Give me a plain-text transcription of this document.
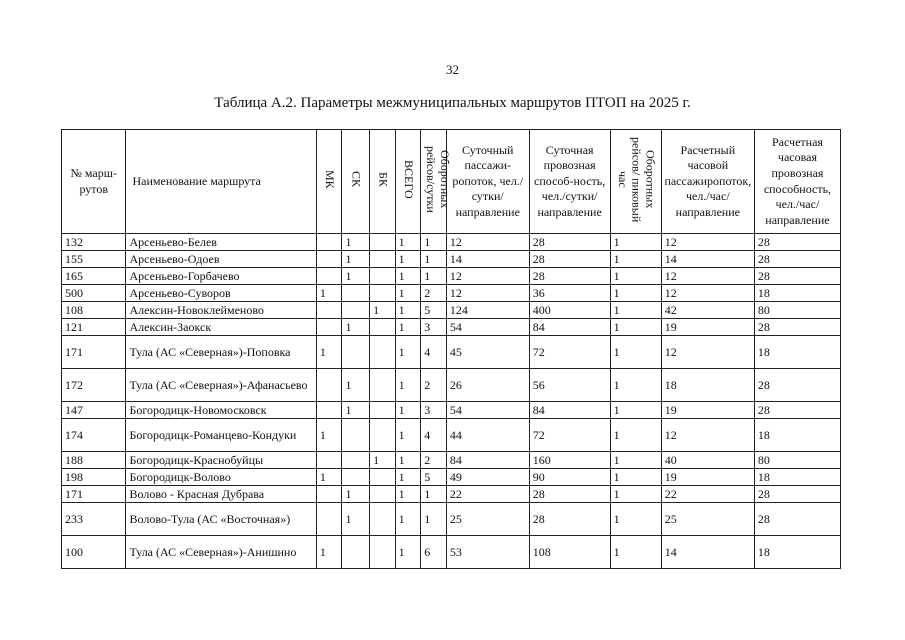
32
Таблица А.2. Параметры межмуниципальных маршрутов ПТОП на 2025 г.
№ марш-рутов	Наименование маршрута	МК	СК	БК	ВСЕГО	Оборотных рейсов/сутки	Суточный пассажи-ропоток, чел./сутки/ направление	Суточная провозная способ-ность, чел./сутки/ направление	Оборотных рейсов/ пиковый час	Расчетный часовой пассажиропоток, чел./час/ направление	Расчетная часовая провозная способность, чел./час/ направление
132	Арсеньево-Белев		1		1	1	12	28	1	12	28
155	Арсеньево-Одоев		1		1	1	14	28	1	14	28
165	Арсеньево-Горбачево		1		1	1	12	28	1	12	28
500	Арсеньево-Суворов	1			1	2	12	36	1	12	18
108	Алексин-Новоклейменово			1	1	5	124	400	1	42	80
121	Алексин-Заокск		1		1	3	54	84	1	19	28
171	Тула (АС «Северная»)-Поповка	1			1	4	45	72	1	12	18
172	Тула (АС «Северная»)-Афанасьево		1		1	2	26	56	1	18	28
147	Богородицк-Новомосковск		1		1	3	54	84	1	19	28
174	Богородицк-Романцево-Кондуки	1			1	4	44	72	1	12	18
188	Богородицк-Краснобуйцы			1	1	2	84	160	1	40	80
198	Богородицк-Волово	1			1	5	49	90	1	19	18
171	Волово - Красная Дубрава		1		1	1	22	28	1	22	28
233	Волово-Тула (АС «Восточная»)		1		1	1	25	28	1	25	28
100	Тула (АС «Северная»)-Анишино	1			1	6	53	108	1	14	18
